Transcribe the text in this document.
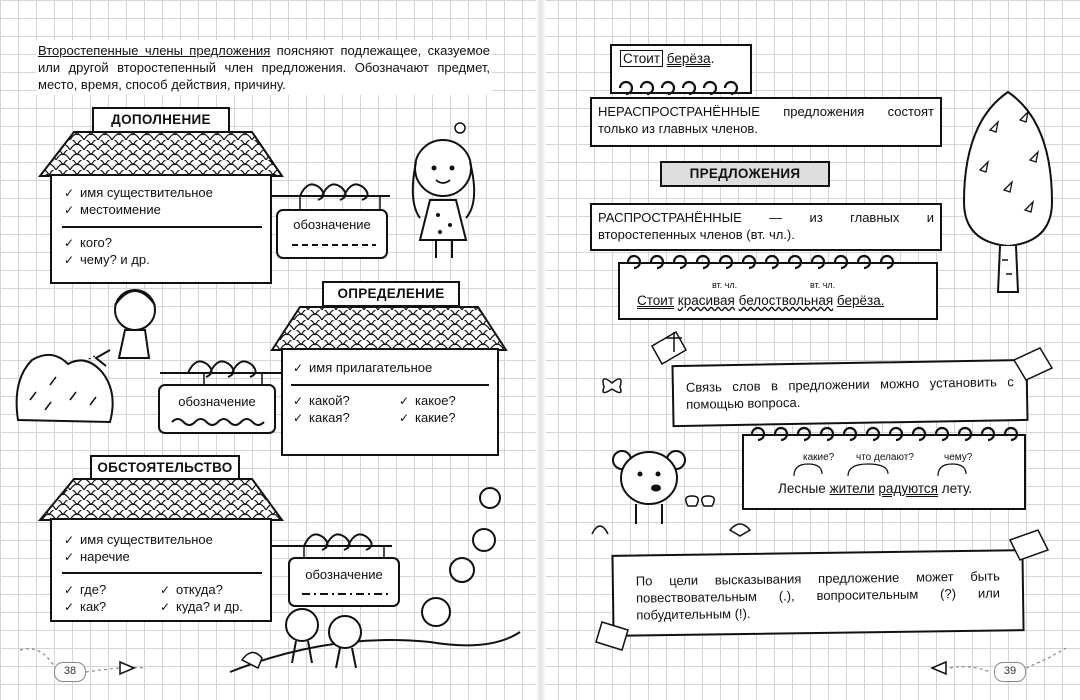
Второстепенные члены предложения поясняют подлежащее, сказуемое или другой второстепенный член предложения. Обозначают предмет, место, время, способ действия, причину.
ДОПОЛНЕНИЕ
✓ имя существительное
✓ местоимение
✓ кого?
✓ чему? и др.
обозначение
ОПРЕДЕЛЕНИЕ
✓ имя прилагательное
✓ какой?
✓ какая?
✓ какое?
✓ какие?
обозначение
ОБСТОЯТЕЛЬСТВО
✓ имя существительное
✓ наречие
✓ где?
✓ как?
✓ откуда?
✓ куда? и др.
обозначение
38
Стоит берёза.
НЕРАСПРОСТРАНЁННЫЕ предложения состоят только из главных членов.
ПРЕДЛОЖЕНИЯ
РАСПРОСТРАНЁННЫЕ — из главных и второстепенных членов (вт. чл.).
вт. чл.	вт. чл.
Стоит красивая белоствольная берёза.
Связь слов в предложении можно установить с помощью вопроса.
какие? что делают?	чему?
Лесные жители радуются лету.
По цели высказывания предложение может быть повествовательным (.), вопросительным (?) или побудительным (!).
39
